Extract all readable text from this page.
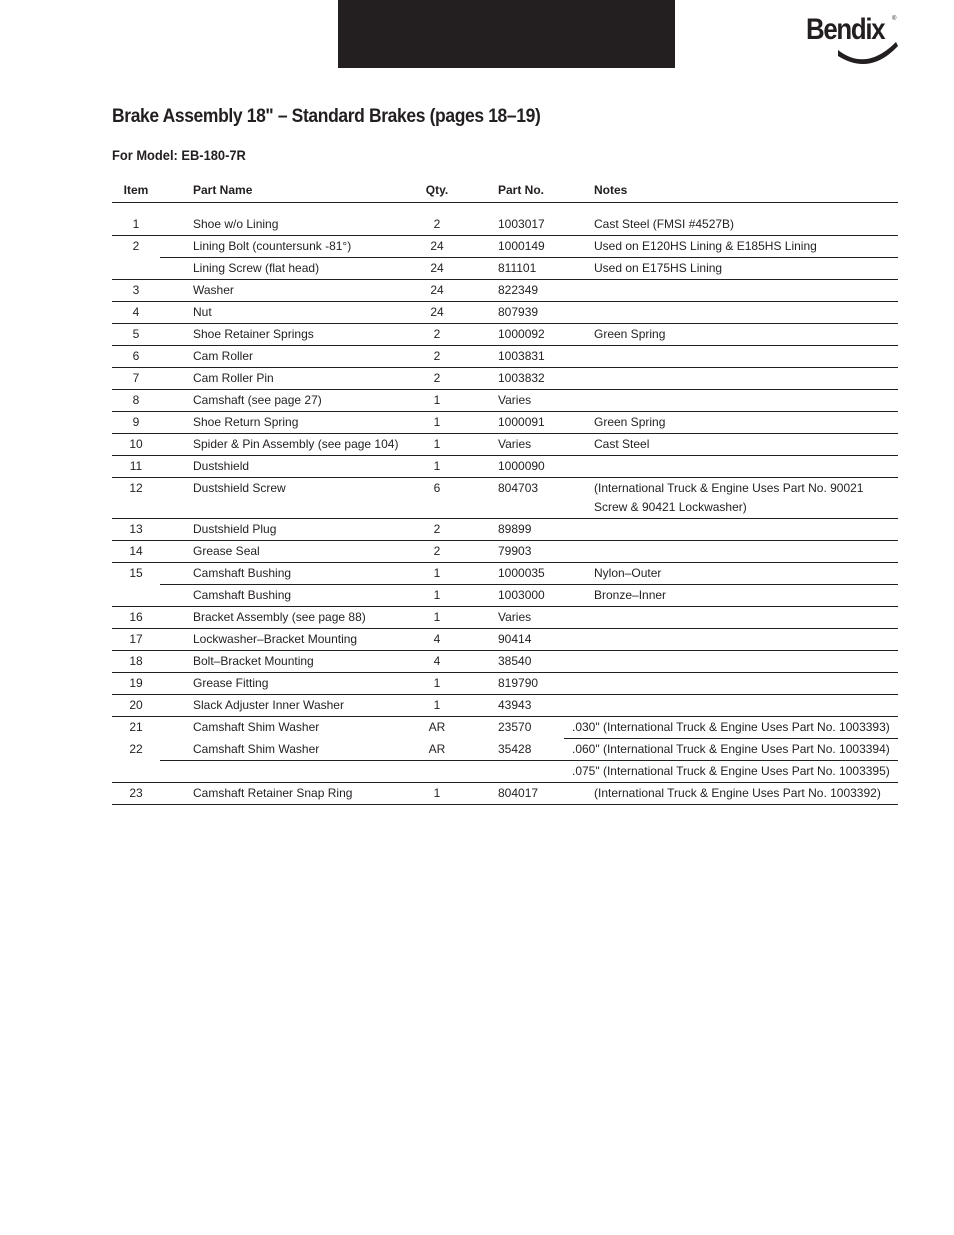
Bendix ®
Brake Assembly 18" – Standard Brakes (pages 18–19)
For Model: EB-180-7R
Item	Part Name	Qty.	Part No.	Notes

1	Shoe w/o Lining	2	1003017	Cast Steel (FMSI #4527B)
2	Lining Bolt (countersunk -81°)	24	1000149	Used on E120HS Lining & E185HS Lining
	Lining Screw (flat head)	24	811101	Used on E175HS Lining
3	Washer	24	822349	
4	Nut	24	807939	
5	Shoe Retainer Springs	2	1000092	Green Spring
6	Cam Roller	2	1003831	
7	Cam Roller Pin	2	1003832	
8	Camshaft (see page 27)	1	Varies	
9	Shoe Return Spring	1	1000091	Green Spring
10	Spider & Pin Assembly (see page 104)	1	Varies	Cast Steel
11	Dustshield	1	1000090	
12	Dustshield Screw	6	804703	(International Truck & Engine Uses Part No. 90021 Screw & 90421 Lockwasher)
13	Dustshield Plug	2	89899	
14	Grease Seal	2	79903	
15	Camshaft Bushing	1	1000035	Nylon–Outer
	Camshaft Bushing	1	1003000	Bronze–Inner
16	Bracket Assembly (see page 88)	1	Varies	
17	Lockwasher–Bracket Mounting	4	90414	
18	Bolt–Bracket Mounting	4	38540	
19	Grease Fitting	1	819790	
20	Slack Adjuster Inner Washer	1	43943	
21	Camshaft Shim Washer	AR	23570	.030" (International Truck & Engine Uses Part No. 1003393)
22	Camshaft Shim Washer	AR	35428	.060" (International Truck & Engine Uses Part No. 1003394)
				.075" (International Truck & Engine Uses Part No. 1003395)
23	Camshaft Retainer Snap Ring	1	804017	(International Truck & Engine Uses Part No. 1003392)
